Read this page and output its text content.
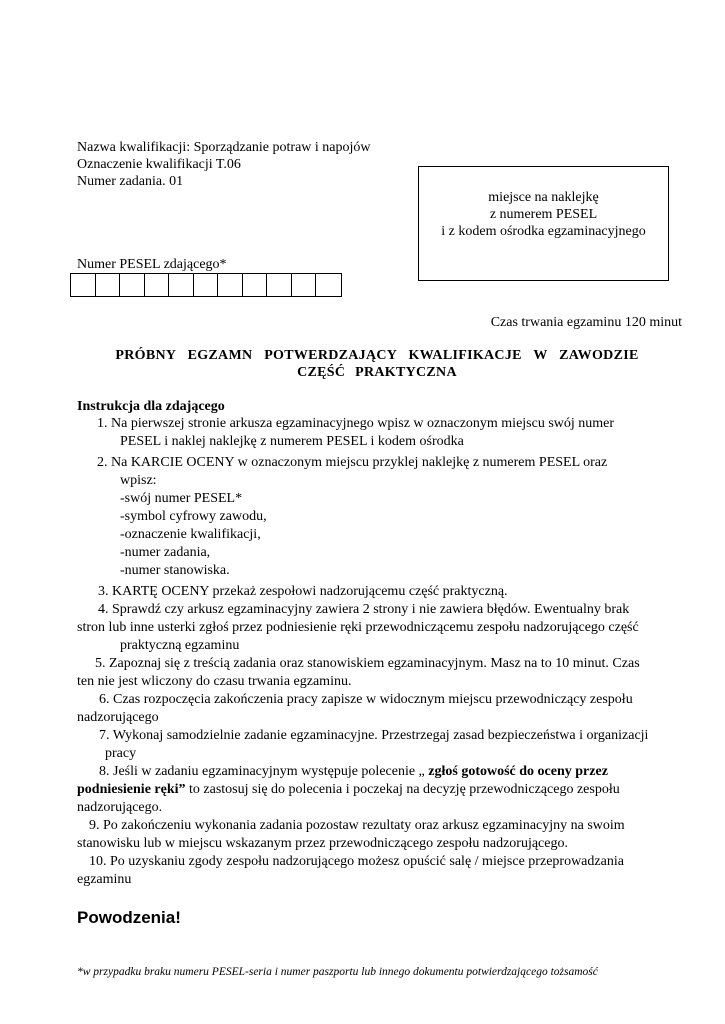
Nazwa kwalifikacji: Sporządzanie potraw i napojów
Oznaczenie kwalifikacji T.06
Numer zadania. 01
miejsce na naklejkę
z numerem PESEL
i z kodem ośrodka egzaminacyjnego
Numer PESEL zdającego*
Czas trwania egzaminu 120 minut
PRÓBNY EGZAMN POTWERDZAJĄCY KWALIFIKACJE W ZAWODZIE
CZĘŚĆ PRAKTYCZNA
Instrukcja dla zdającego
1. Na pierwszej stronie arkusza egzaminacyjnego wpisz w oznaczonym miejscu swój numer
PESEL i naklej naklejkę z numerem PESEL i kodem ośrodka
2. Na KARCIE OCENY w oznaczonym miejscu przyklej naklejkę z numerem PESEL oraz
wpisz:
-swój numer PESEL*
-symbol cyfrowy zawodu,
-oznaczenie kwalifikacji,
-numer zadania,
-numer stanowiska.
3. KARTĘ OCENY przekaż zespołowi nadzorującemu część praktyczną.
4. Sprawdź czy arkusz egzaminacyjny zawiera 2 strony i nie zawiera błędów. Ewentualny brak
stron lub inne usterki zgłoś przez podniesienie ręki przewodniczącemu zespołu nadzorującego część
praktyczną egzaminu
5. Zapoznaj się z treścią zadania oraz stanowiskiem egzaminacyjnym. Masz na to 10 minut. Czas
ten nie jest wliczony do czasu trwania egzaminu.
6. Czas rozpoczęcia zakończenia pracy zapisze w widocznym miejscu przewodniczący zespołu
nadzorującego
7. Wykonaj samodzielnie zadanie egzaminacyjne. Przestrzegaj zasad bezpieczeństwa i organizacji
pracy
8. Jeśli w zadaniu egzaminacyjnym występuje polecenie „ zgłoś gotowość do oceny przez
podniesienie ręki” to zastosuj się do polecenia i poczekaj na decyzję przewodniczącego zespołu
nadzorującego.
9. Po zakończeniu wykonania zadania pozostaw rezultaty oraz arkusz egzaminacyjny na swoim
stanowisku lub w miejscu wskazanym przez przewodniczącego zespołu nadzorującego.
10. Po uzyskaniu zgody zespołu nadzorującego możesz opuścić salę / miejsce przeprowadzania
egzaminu
Powodzenia!
*w przypadku braku numeru PESEL-seria i numer paszportu lub innego dokumentu potwierdzającego tożsamość
